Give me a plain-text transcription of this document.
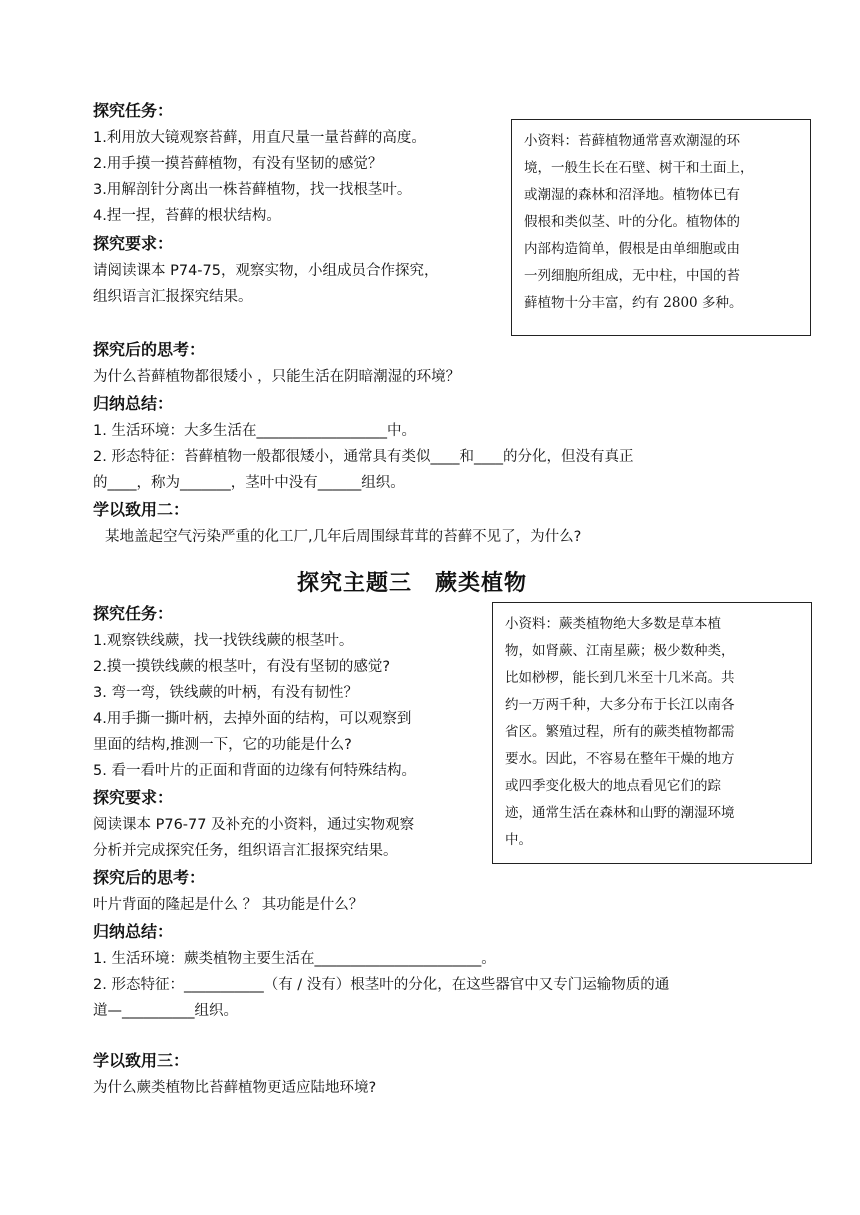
探究任务：
1.利用放大镜观察苔藓，用直尺量一量苔藓的高度。
2.用手摸一摸苔藓植物，有没有坚韧的感觉？
3.用解剖针分离出一株苔藓植物，找一找根茎叶。
4.捏一捏，苔藓的根状结构。
探究要求：
请阅读课本 P74-75，观察实物，小组成员合作探究，
组织语言汇报探究结果。
小资料：苔藓植物通常喜欢潮湿的环
境，一般生长在石壁、树干和土面上，
或潮湿的森林和沼泽地。植物体已有
假根和类似茎、叶的分化。植物体的
内部构造简单，假根是由单细胞或由
一列细胞所组成，无中柱，中国的苔
藓植物十分丰富，约有 2800 多种。
探究后的思考：
为什么苔藓植物都很矮小 ，只能生活在阴暗潮湿的环境？
归纳总结：
1. 生活环境：大多生活在__________________中。
2. 形态特征：苔藓植物一般都很矮小，通常具有类似____和____的分化，但没有真正
的____，称为_______，茎叶中没有______组织。
学以致用二：
某地盖起空气污染严重的化工厂,几年后周围绿茸茸的苔藓不见了，为什么?
探究主题三　蕨类植物
探究任务：
1.观察铁线蕨，找一找铁线蕨的根茎叶。
2.摸一摸铁线蕨的根茎叶，有没有坚韧的感觉?
3. 弯一弯，铁线蕨的叶柄，有没有韧性？
4.用手撕一撕叶柄，去掉外面的结构，可以观察到
里面的结构,推测一下，它的功能是什么?
5. 看一看叶片的正面和背面的边缘有何特殊结构。
探究要求：
阅读课本 P76-77 及补充的小资料，通过实物观察
分析并完成探究任务，组织语言汇报探究结果。
小资料：蕨类植物绝大多数是草本植
物，如肾蕨、江南星蕨；极少数种类，
比如桫椤，能长到几米至十几米高。共
约一万两千种，大多分布于长江以南各
省区。繁殖过程，所有的蕨类植物都需
要水。因此，不容易在整年干燥的地方
或四季变化极大的地点看见它们的踪
迹，通常生活在森林和山野的潮湿环境
中。
探究后的思考：
叶片背面的隆起是什么 ？ 其功能是什么？
归纳总结：
1. 生活环境：蕨类植物主要生活在_______________________。
2. 形态特征：___________（有 / 没有）根茎叶的分化，在这些器官中又专门运输物质的通
道—__________组织。
学以致用三：
为什么蕨类植物比苔藓植物更适应陆地环境?
